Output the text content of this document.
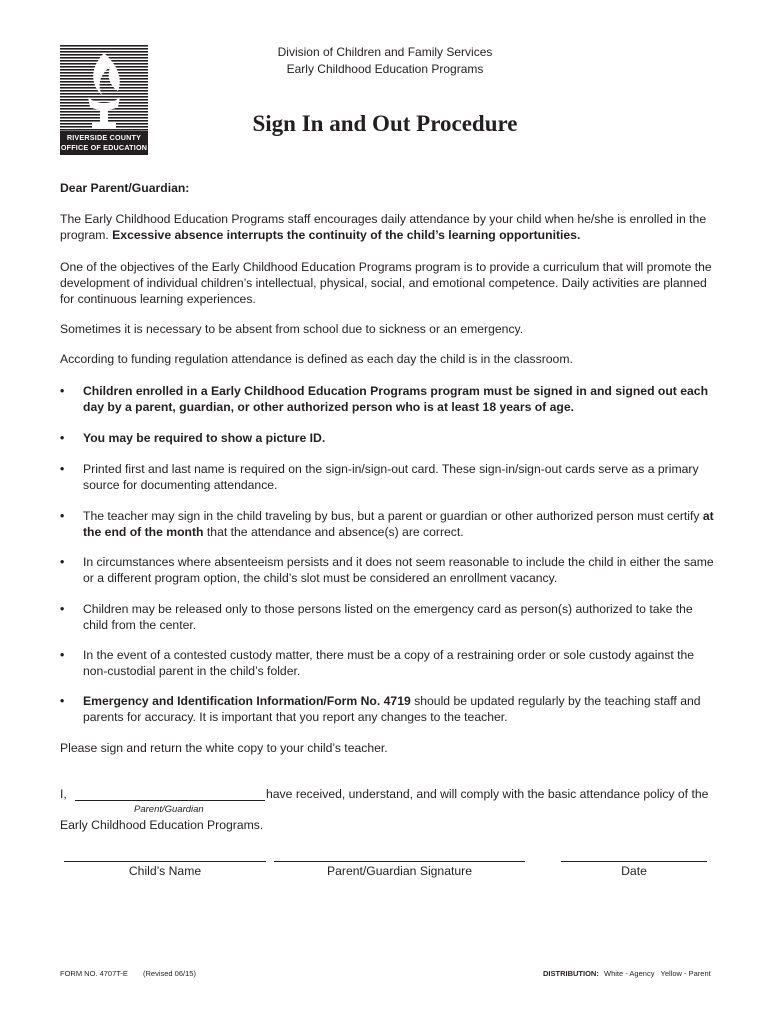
RIVERSIDE COUNTY
OFFICE OF EDUCATION
Division of Children and Family Services
Early Childhood Education Programs
Sign In and Out Procedure

Dear Parent/Guardian:

The Early Childhood Education Programs staff encourages daily attendance by your child when he/she is enrolled in the program. Excessive absence interrupts the continuity of the child’s learning opportunities.

One of the objectives of the Early Childhood Education Programs program is to provide a curriculum that will promote the development of individual children’s intellectual, physical, social, and emotional competence. Daily activities are planned for continuous learning experiences.

Sometimes it is necessary to be absent from school due to sickness or an emergency.

According to funding regulation attendance is defined as each day the child is in the classroom.

• Children enrolled in a Early Childhood Education Programs program must be signed in and signed out each day by a parent, guardian, or other authorized person who is at least 18 years of age.
• You may be required to show a picture ID.
• Printed first and last name is required on the sign-in/sign-out card. These sign-in/sign-out cards serve as a primary source for documenting attendance.
• The teacher may sign in the child traveling by bus, but a parent or guardian or other authorized person must certify at the end of the month that the attendance and absence(s) are correct.
• In circumstances where absenteeism persists and it does not seem reasonable to include the child in either the same or a different program option, the child’s slot must be considered an enrollment vacancy.
• Children may be released only to those persons listed on the emergency card as person(s) authorized to take the child from the center.
• In the event of a contested custody matter, there must be a copy of a restraining order or sole custody against the non-custodial parent in the child’s folder.
• Emergency and Identification Information/Form No. 4719 should be updated regularly by the teaching staff and parents for accuracy. It is important that you report any changes to the teacher.

Please sign and return the white copy to your child’s teacher.

I,	have received, understand, and will comply with the basic attendance policy of the
Parent/Guardian
Early Childhood Education Programs.
Child’s Name	Parent/Guardian Signature	Date
FORM NO. 4707T-E (Revised 06/15)	DISTRIBUTION: White - Agency   Yellow - Parent
